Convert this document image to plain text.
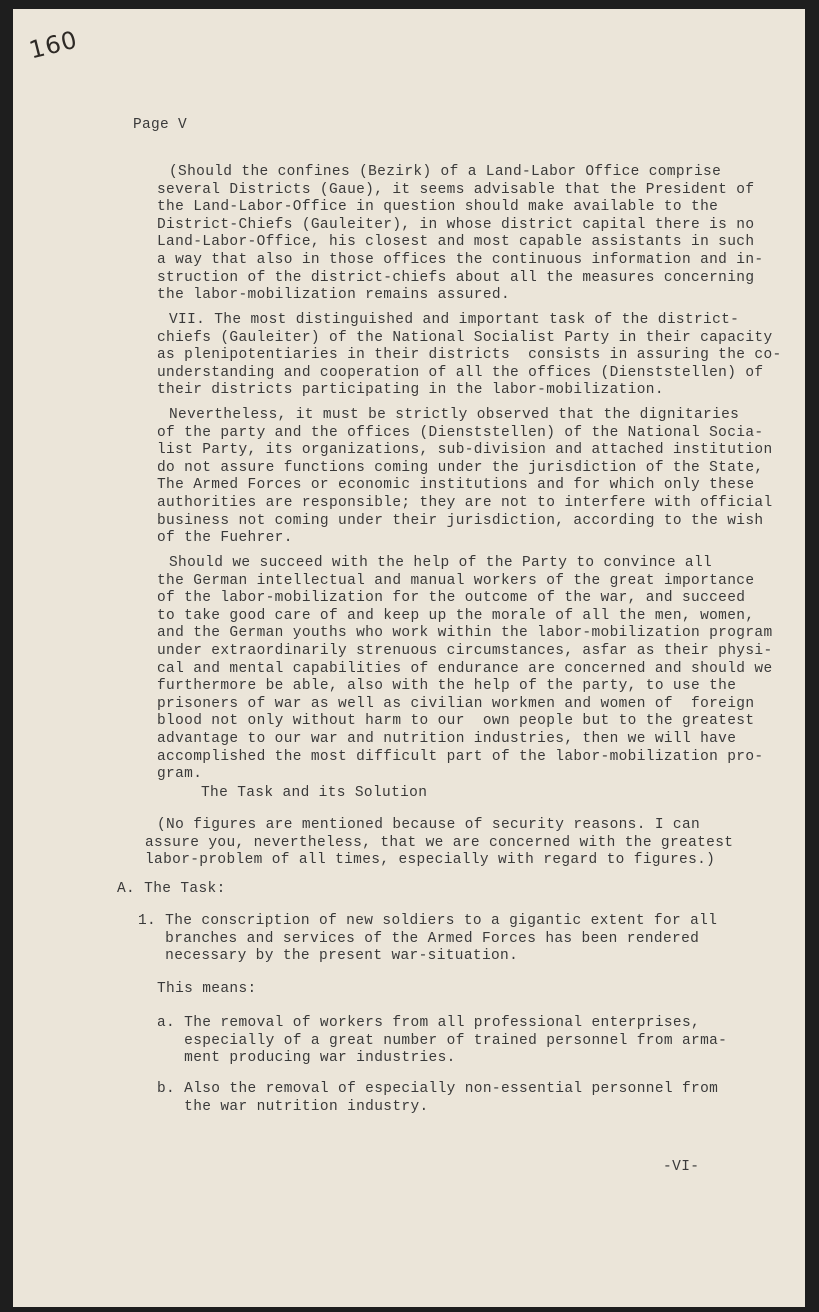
160
Page V

(Should the confines (Bezirk) of a Land-Labor Office comprise
several Districts (Gaue), it seems advisable that the President of
the Land-Labor-Office in question should make available to the
District-Chiefs (Gauleiter), in whose district capital there is no
Land-Labor-Office, his closest and most capable assistants in such
a way that also in those offices the continuous information and in-
struction of the district-chiefs about all the measures concerning
the labor-mobilization remains assured.

VII. The most distinguished and important task of the district-
chiefs (Gauleiter) of the National Socialist Party in their capacity
as plenipotentiaries in their districts  consists in assuring the co-
understanding and cooperation of all the offices (Dienststellen) of
their districts participating in the labor-mobilization.

Nevertheless, it must be strictly observed that the dignitaries
of the party and the offices (Dienststellen) of the National Socia-
list Party, its organizations, sub-division and attached institution
do not assure functions coming under the jurisdiction of the State,
The Armed Forces or economic institutions and for which only these
authorities are responsible; they are not to interfere with official
business not coming under their jurisdiction, according to the wish
of the Fuehrer.

Should we succeed with the help of the Party to convince all
the German intellectual and manual workers of the great importance
of the labor-mobilization for the outcome of the war, and succeed
to take good care of and keep up the morale of all the men, women,
and the German youths who work within the labor-mobilization program
under extraordinarily strenuous circumstances, asfar as their physi-
cal and mental capabilities of endurance are concerned and should we
furthermore be able, also with the help of the party, to use the
prisoners of war as well as civilian workmen and women of  foreign
blood not only without harm to our  own people but to the greatest
advantage to our war and nutrition industries, then we will have
accomplished the most difficult part of the labor-mobilization pro-
gram.

The Task and its Solution

(No figures are mentioned because of security reasons. I can
assure you, nevertheless, that we are concerned with the greatest
labor-problem of all times, especially with regard to figures.)

A. The Task:

1. The conscription of new soldiers to a gigantic extent for all
branches and services of the Armed Forces has been rendered
necessary by the present war-situation.

This means:

a. The removal of workers from all professional enterprises,
especially of a great number of trained personnel from arma-
ment producing war industries.

b. Also the removal of especially non-essential personnel from
the war nutrition industry.

-VI-
